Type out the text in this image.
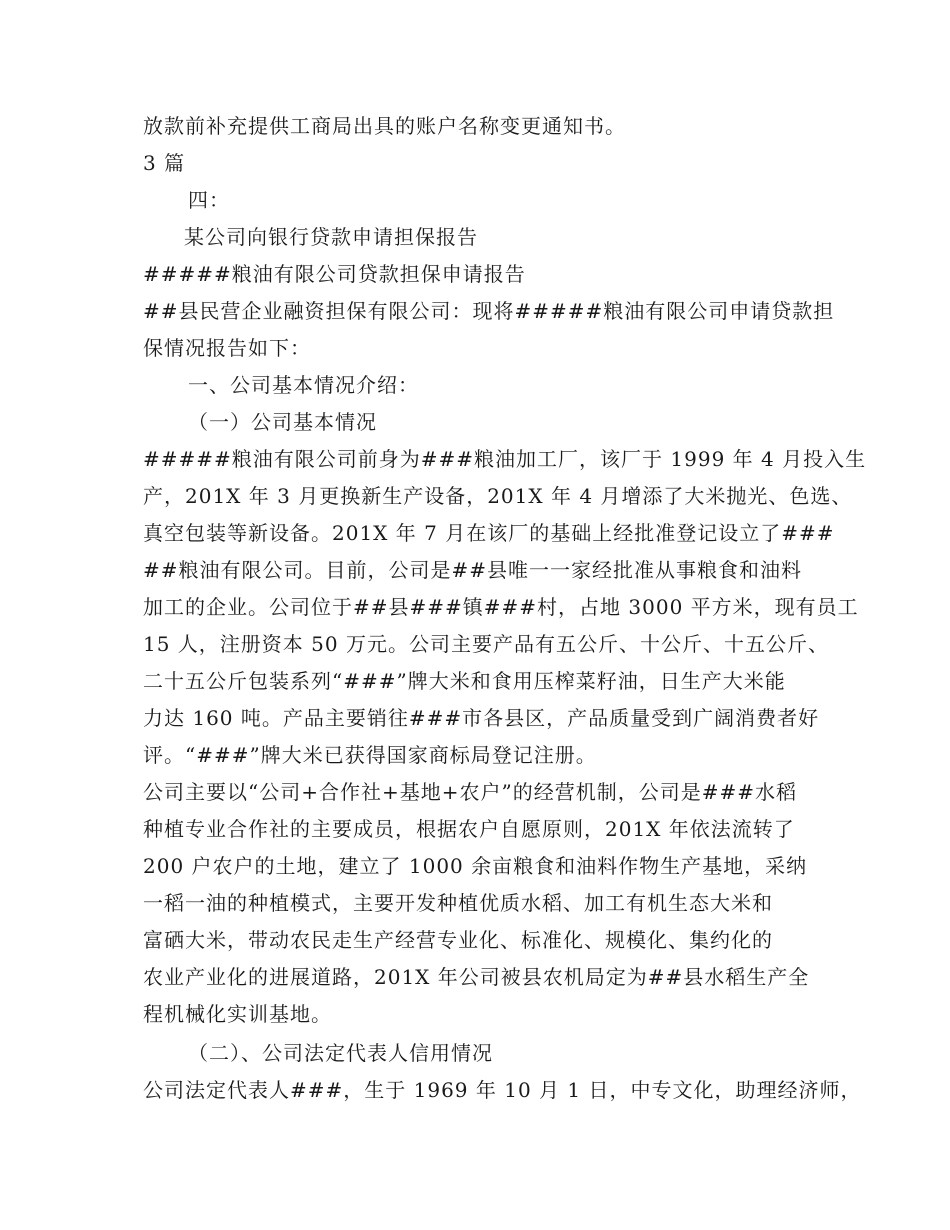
放款前补充提供工商局出具的账户名称变更通知书。
3 篇
四：
某公司向银行贷款申请担保报告
#####粮油有限公司贷款担保申请报告
##县民营企业融资担保有限公司：现将#####粮油有限公司申请贷款担
保情况报告如下：
一、公司基本情况介绍：
（一）公司基本情况
#####粮油有限公司前身为###粮油加工厂，该厂于 1999 年 4 月投入生
产，201X 年 3 月更换新生产设备，201X 年 4 月增添了大米抛光、色选、
真空包装等新设备。201X 年 7 月在该厂的基础上经批准登记设立了###
##粮油有限公司。目前，公司是##县唯一一家经批准从事粮食和油料
加工的企业。公司位于##县###镇###村，占地 3000 平方米，现有员工
15 人，注册资本 50 万元。公司主要产品有五公斤、十公斤、十五公斤、
二十五公斤包装系列“###”牌大米和食用压榨菜籽油，日生产大米能
力达 160 吨。产品主要销往###市各县区，产品质量受到广阔消费者好
评。“###”牌大米已获得国家商标局登记注册。
公司主要以“公司+合作社+基地+农户”的经营机制，公司是###水稻
种植专业合作社的主要成员，根据农户自愿原则，201X 年依法流转了
200 户农户的土地，建立了 1000 余亩粮食和油料作物生产基地，采纳
一稻一油的种植模式，主要开发种植优质水稻、加工有机生态大米和
富硒大米，带动农民走生产经营专业化、标准化、规模化、集约化的
农业产业化的进展道路，201X 年公司被县农机局定为##县水稻生产全
程机械化实训基地。
（二）、公司法定代表人信用情况
公司法定代表人###，生于 1969 年 10 月 1 日，中专文化，助理经济师，
